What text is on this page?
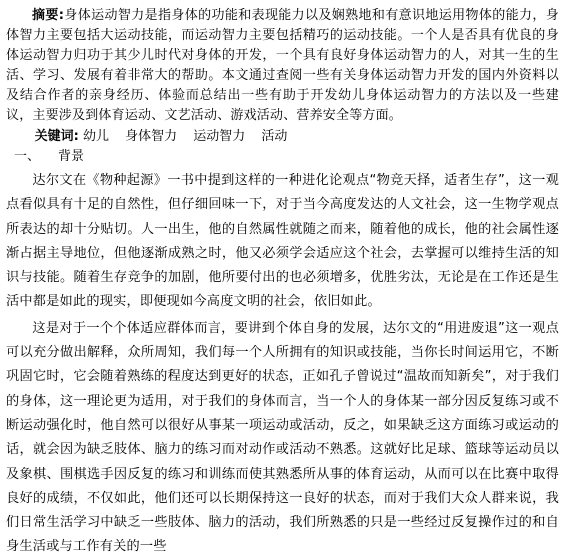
摘要:身体运动智力是指身体的功能和表现能力以及娴熟地和有意识地运用物体的能力，身体智力主要包括大运动技能，而运动智力主要包括精巧的运动技能。一个人是否具有优良的身体运动智力归功于其少儿时代对身体的开发，一个具有良好身体运动智力的人，对其一生的生活、学习、发展有着非常大的帮助。本文通过查阅一些有关身体运动智力开发的国内外资料以及结合作者的亲身经历、体验而总结出一些有助于开发幼儿身体运动智力的方法以及一些建议，主要涉及到体育运动、文艺活动、游戏活动、营养安全等方面。

关键词: 幼儿 身体智力 运动智力 活动

一、 背景

达尔文在《物种起源》一书中提到这样的一种进化论观点“物竞天择，适者生存”，这一观点看似具有十足的自然性，但仔细回味一下，对于当今高度发达的人文社会，这一生物学观点所表达的却十分贴切。人一出生，他的自然属性就随之而来，随着他的成长，他的社会属性逐渐占据主导地位，但他逐渐成熟之时，他又必须学会适应这个社会，去掌握可以维持生活的知识与技能。随着生存竞争的加剧，他所要付出的也必须增多，优胜劣汰，无论是在工作还是生活中都是如此的现实，即便现如今高度文明的社会，依旧如此。

这是对于一个个体适应群体而言，要讲到个体自身的发展，达尔文的“用进废退”这一观点可以充分做出解释，众所周知，我们每一个人所拥有的知识或技能，当你长时间运用它，不断巩固它时，它会随着熟练的程度达到更好的状态，正如孔子曾说过“温故而知新矣”，对于我们的身体，这一理论更为适用，对于我们的身体而言，当一个人的身体某一部分因反复练习或不断运动强化时，他自然可以很好从事某一项运动或活动，反之，如果缺乏这方面练习或运动的话，就会因为缺乏肢体、脑力的练习而对动作或活动不熟悉。这就好比足球、篮球等运动员以及象棋、围棋选手因反复的练习和训练而使其熟悉所从事的体育运动，从而可以在比赛中取得良好的成绩，不仅如此，他们还可以长期保持这一良好的状态，而对于我们大众人群来说，我们日常生活学习中缺乏一些肢体、脑力的活动，我们所熟悉的只是一些经过反复操作过的和自身生活或与工作有关的一些
